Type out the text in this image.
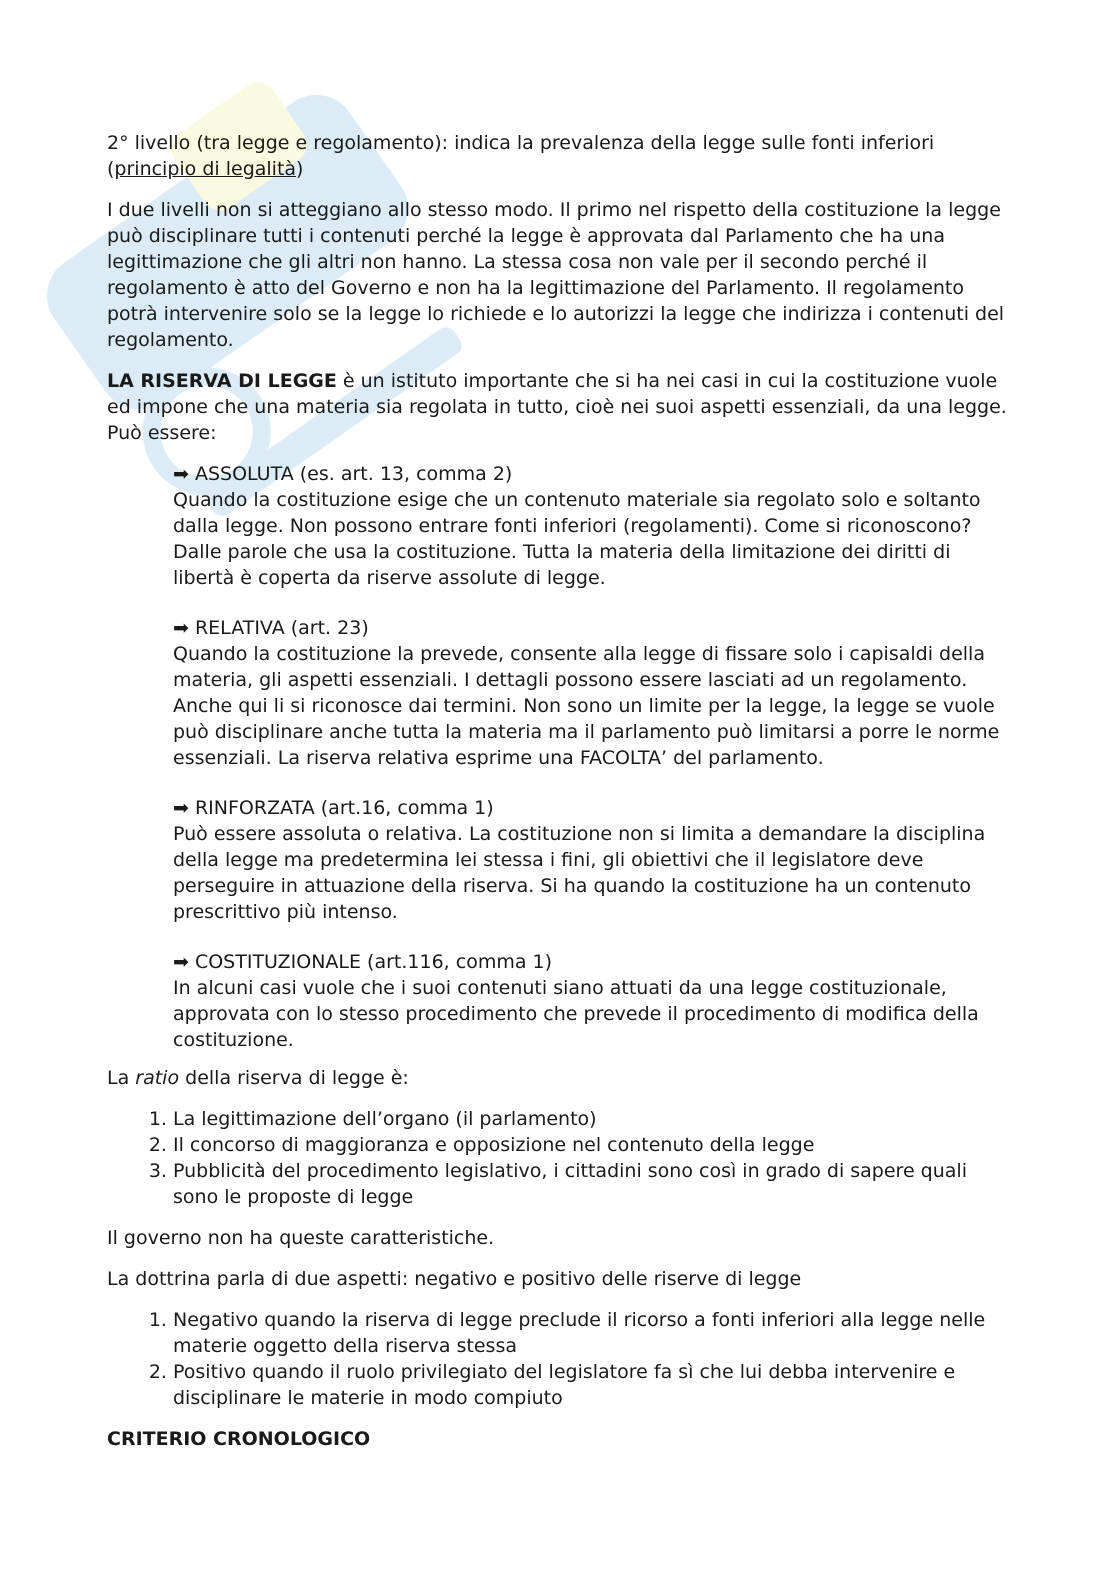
2° livello (tra legge e regolamento): indica la prevalenza della legge sulle fonti inferiori (principio di legalità)

I due livelli non si atteggiano allo stesso modo. Il primo nel rispetto della costituzione la legge può disciplinare tutti i contenuti perché la legge è approvata dal Parlamento che ha una legittimazione che gli altri non hanno. La stessa cosa non vale per il secondo perché il regolamento è atto del Governo e non ha la legittimazione del Parlamento. Il regolamento potrà intervenire solo se la legge lo richiede e lo autorizzi la legge che indirizza i contenuti del regolamento.

LA RISERVA DI LEGGE è un istituto importante che si ha nei casi in cui la costituzione vuole ed impone che una materia sia regolata in tutto, cioè nei suoi aspetti essenziali, da una legge. Può essere:

➡ ASSOLUTA (es. art. 13, comma 2)
Quando la costituzione esige che un contenuto materiale sia regolato solo e soltanto dalla legge. Non possono entrare fonti inferiori (regolamenti). Come si riconoscono? Dalle parole che usa la costituzione. Tutta la materia della limitazione dei diritti di libertà è coperta da riserve assolute di legge.
➡ RELATIVA (art. 23)
Quando la costituzione la prevede, consente alla legge di fissare solo i capisaldi della materia, gli aspetti essenziali. I dettagli possono essere lasciati ad un regolamento. Anche qui li si riconosce dai termini. Non sono un limite per la legge, la legge se vuole può disciplinare anche tutta la materia ma il parlamento può limitarsi a porre le norme essenziali. La riserva relativa esprime una FACOLTA’ del parlamento.
➡ RINFORZATA (art.16, comma 1)
Può essere assoluta o relativa. La costituzione non si limita a demandare la disciplina della legge ma predetermina lei stessa i fini, gli obiettivi che il legislatore deve perseguire in attuazione della riserva. Si ha quando la costituzione ha un contenuto prescrittivo più intenso.
➡ COSTITUZIONALE (art.116, comma 1)
In alcuni casi vuole che i suoi contenuti siano attuati da una legge costituzionale, approvata con lo stesso procedimento che prevede il procedimento di modifica della costituzione.

La ratio della riserva di legge è:

1. La legittimazione dell’organo (il parlamento)
2. Il concorso di maggioranza e opposizione nel contenuto della legge
3. Pubblicità del procedimento legislativo, i cittadini sono così in grado di sapere quali sono le proposte di legge

Il governo non ha queste caratteristiche.

La dottrina parla di due aspetti: negativo e positivo delle riserve di legge

1. Negativo quando la riserva di legge preclude il ricorso a fonti inferiori alla legge nelle materie oggetto della riserva stessa
2. Positivo quando il ruolo privilegiato del legislatore fa sì che lui debba intervenire e disciplinare le materie in modo compiuto

CRITERIO CRONOLOGICO
